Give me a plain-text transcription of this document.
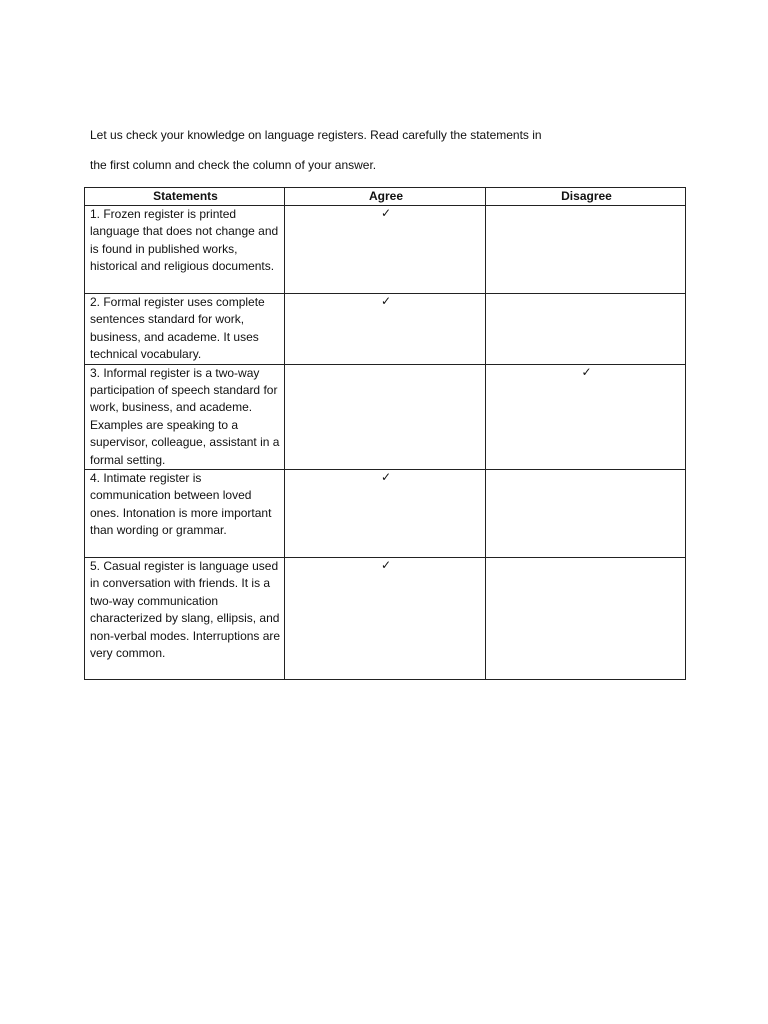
Let us check your knowledge on language registers. Read carefully the statements in
the first column and check the column of your answer.
Statements	Agree	Disagree
1. Frozen register is printed language that does not change and is found in published works, historical and religious documents.	✓	
2. Formal register uses complete sentences standard for work, business, and academe. It uses technical vocabulary.	✓	
3. Informal register is a two-way participation of speech standard for work, business, and academe. Examples are speaking to a supervisor, colleague, assistant in a formal setting.		✓
4. Intimate register is communication between loved ones. Intonation is more important than wording or grammar.	✓	
5. Casual register is language used in conversation with friends. It is a two-way communication characterized by slang, ellipsis, and non-verbal modes. Interruptions are very common.	✓	
